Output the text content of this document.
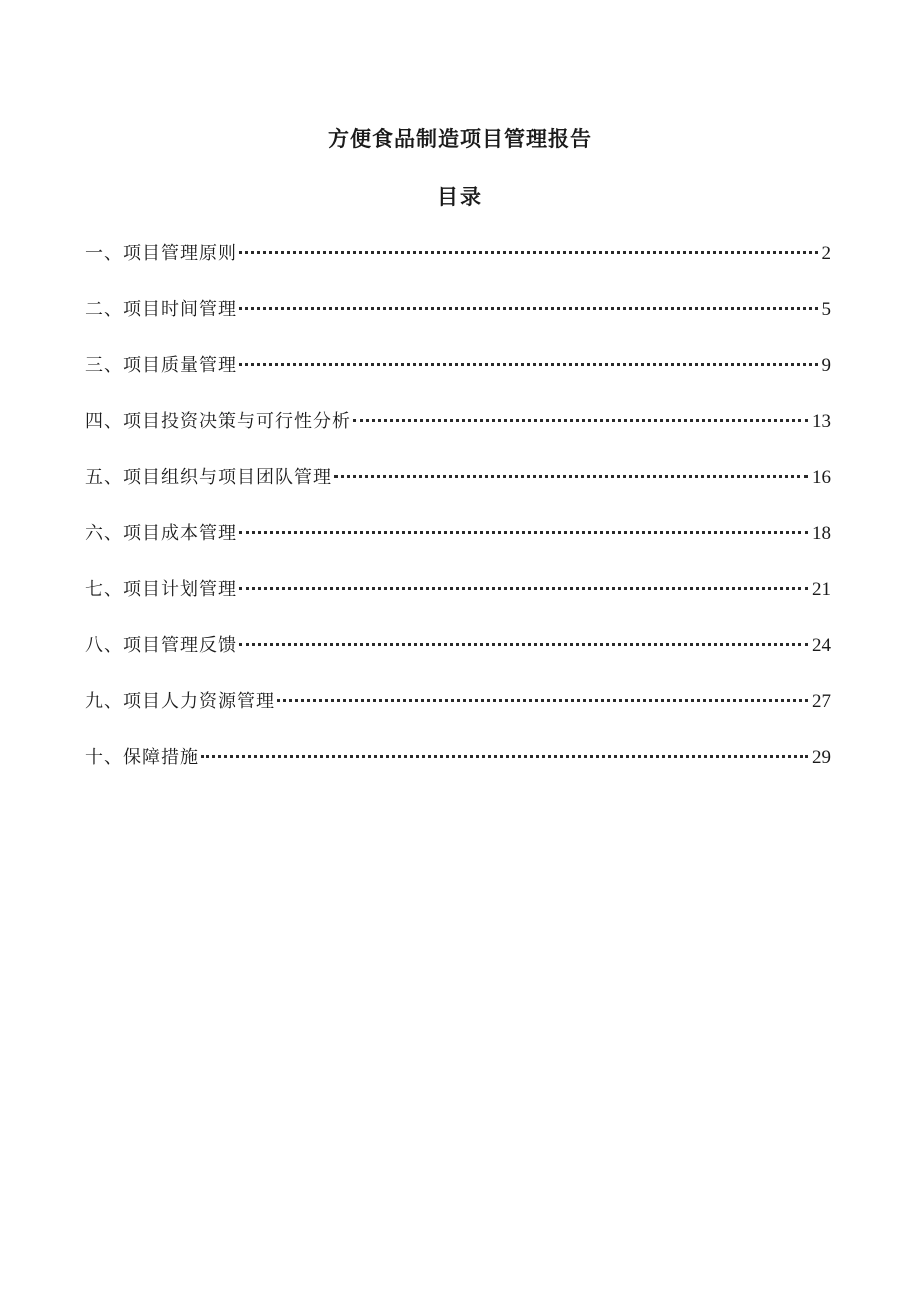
方便食品制造项目管理报告
目录
一、项目管理原则	2
二、项目时间管理	5
三、项目质量管理	9
四、项目投资决策与可行性分析	13
五、项目组织与项目团队管理	16
六、项目成本管理	18
七、项目计划管理	21
八、项目管理反馈	24
九、项目人力资源管理	27
十、保障措施	29
